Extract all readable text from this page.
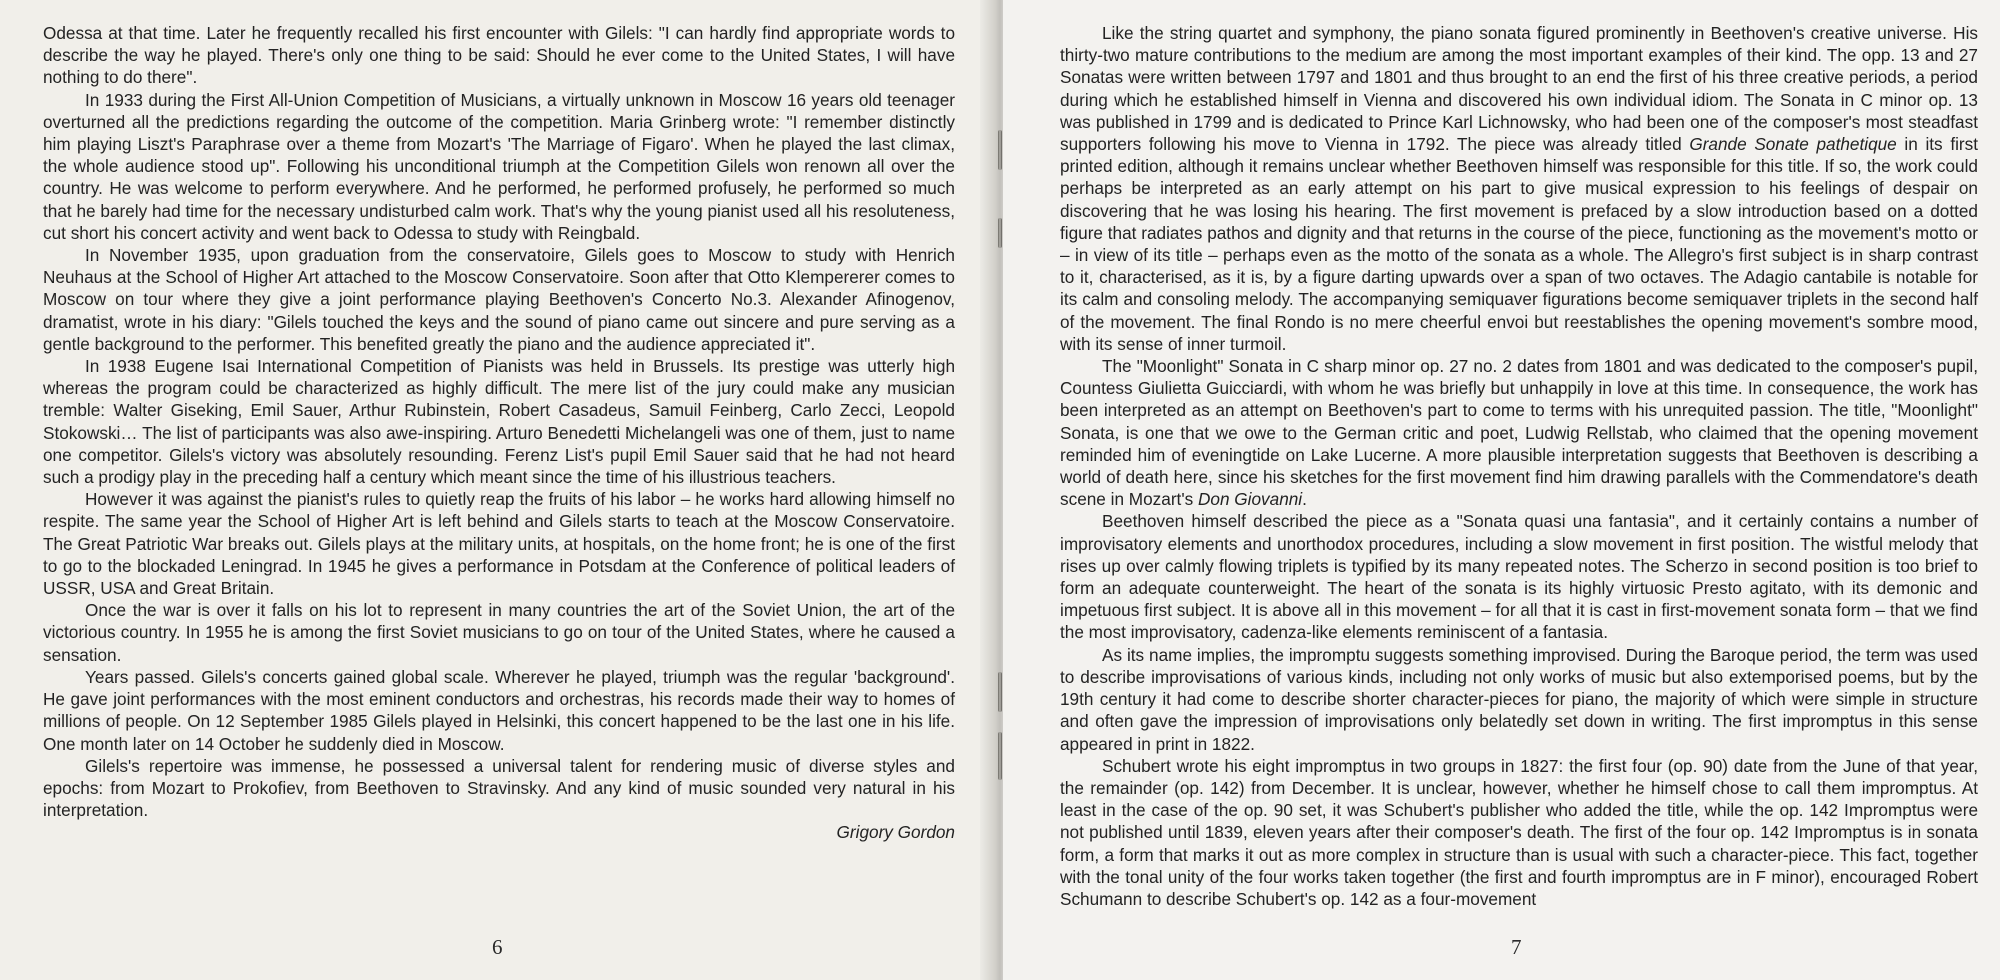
Odessa at that time. Later he frequently recalled his first encounter with Gilels: "I can hardly find appropriate words to describe the way he played. There's only one thing to be said: Should he ever come to the United States, I will have nothing to do there".

In 1933 during the First All-Union Competition of Musicians, a virtually unknown in Moscow 16 years old teenager overturned all the predictions regarding the outcome of the competition. Maria Grinberg wrote: "I remember distinctly him playing Liszt's Paraphrase over a theme from Mozart's 'The Marriage of Figaro'. When he played the last climax, the whole audience stood up". Following his unconditional triumph at the Competition Gilels won renown all over the country. He was welcome to perform everywhere. And he performed, he performed profusely, he performed so much that he barely had time for the necessary undisturbed calm work. That's why the young pianist used all his resoluteness, cut short his concert activity and went back to Odessa to study with Reingbald.

In November 1935, upon graduation from the conservatoire, Gilels goes to Moscow to study with Henrich Neuhaus at the School of Higher Art attached to the Moscow Conservatoire. Soon after that Otto Klempererer comes to Moscow on tour where they give a joint performance playing Beethoven's Concerto No.3. Alexander Afinogenov, dramatist, wrote in his diary: "Gilels touched the keys and the sound of piano came out sincere and pure serving as a gentle background to the performer. This benefited greatly the piano and the audience appreciated it".

In 1938 Eugene Isai International Competition of Pianists was held in Brussels. Its prestige was utterly high whereas the program could be characterized as highly difficult. The mere list of the jury could make any musician tremble: Walter Giseking, Emil Sauer, Arthur Rubinstein, Robert Casadeus, Samuil Feinberg, Carlo Zecci, Leopold Stokowski… The list of participants was also awe-inspiring. Arturo Benedetti Michelangeli was one of them, just to name one competitor. Gilels's victory was absolutely resounding. Ferenz List's pupil Emil Sauer said that he had not heard such a prodigy play in the preceding half a century which meant since the time of his illustrious teachers.

However it was against the pianist's rules to quietly reap the fruits of his labor – he works hard allowing himself no respite. The same year the School of Higher Art is left behind and Gilels starts to teach at the Moscow Conservatoire. The Great Patriotic War breaks out. Gilels plays at the military units, at hospitals, on the home front; he is one of the first to go to the blockaded Leningrad. In 1945 he gives a performance in Potsdam at the Conference of political leaders of USSR, USA and Great Britain.

Once the war is over it falls on his lot to represent in many countries the art of the Soviet Union, the art of the victorious country. In 1955 he is among the first Soviet musicians to go on tour of the United States, where he caused a sensation.

Years passed. Gilels's concerts gained global scale. Wherever he played, triumph was the regular 'background'. He gave joint performances with the most eminent conductors and orchestras, his records made their way to homes of millions of people. On 12 September 1985 Gilels played in Helsinki, this concert happened to be the last one in his life. One month later on 14 October he suddenly died in Moscow.

Gilels's repertoire was immense, he possessed a universal talent for rendering music of diverse styles and epochs: from Mozart to Prokofiev, from Beethoven to Stravinsky. And any kind of music sounded very natural in his interpretation.

Grigory Gordon

6

Like the string quartet and symphony, the piano sonata figured prominently in Beethoven's creative universe. His thirty-two mature contributions to the medium are among the most important examples of their kind. The opp. 13 and 27 Sonatas were written between 1797 and 1801 and thus brought to an end the first of his three creative periods, a period during which he established himself in Vienna and discovered his own individual idiom. The Sonata in C minor op. 13 was published in 1799 and is dedicated to Prince Karl Lichnowsky, who had been one of the composer's most steadfast supporters following his move to Vienna in 1792. The piece was already titled Grande Sonate pathetique in its first printed edition, although it remains unclear whether Beethoven himself was responsible for this title. If so, the work could perhaps be interpreted as an early attempt on his part to give musical expression to his feelings of despair on discovering that he was losing his hearing. The first movement is prefaced by a slow introduction based on a dotted figure that radiates pathos and dignity and that returns in the course of the piece, functioning as the movement's motto or – in view of its title – perhaps even as the motto of the sonata as a whole. The Allegro's first subject is in sharp contrast to it, characterised, as it is, by a figure darting upwards over a span of two octaves. The Adagio cantabile is notable for its calm and consoling melody. The accompanying semiquaver figurations become semiquaver triplets in the second half of the movement. The final Rondo is no mere cheerful envoi but reestablishes the opening movement's sombre mood, with its sense of inner turmoil.

The "Moonlight" Sonata in C sharp minor op. 27 no. 2 dates from 1801 and was dedicated to the composer's pupil, Countess Giulietta Guicciardi, with whom he was briefly but unhappily in love at this time. In consequence, the work has been interpreted as an attempt on Beethoven's part to come to terms with his unrequited passion. The title, "Moonlight" Sonata, is one that we owe to the German critic and poet, Ludwig Rellstab, who claimed that the opening movement reminded him of eveningtide on Lake Lucerne. A more plausible interpretation suggests that Beethoven is describing a world of death here, since his sketches for the first movement find him drawing parallels with the Commendatore's death scene in Mozart's Don Giovanni.

Beethoven himself described the piece as a "Sonata quasi una fantasia", and it certainly contains a number of improvisatory elements and unorthodox procedures, including a slow movement in first position. The wistful melody that rises up over calmly flowing triplets is typified by its many repeated notes. The Scherzo in second position is too brief to form an adequate counterweight. The heart of the sonata is its highly virtuosic Presto agitato, with its demonic and impetuous first subject. It is above all in this movement – for all that it is cast in first-movement sonata form – that we find the most improvisatory, cadenza-like elements reminiscent of a fantasia.

As its name implies, the impromptu suggests something improvised. During the Baroque period, the term was used to describe improvisations of various kinds, including not only works of music but also extemporised poems, but by the 19th century it had come to describe shorter character-pieces for piano, the majority of which were simple in structure and often gave the impression of improvisations only belatedly set down in writing. The first impromptus in this sense appeared in print in 1822.

Schubert wrote his eight impromptus in two groups in 1827: the first four (op. 90) date from the June of that year, the remainder (op. 142) from December. It is unclear, however, whether he himself chose to call them impromptus. At least in the case of the op. 90 set, it was Schubert's publisher who added the title, while the op. 142 Impromptus were not published until 1839, eleven years after their composer's death. The first of the four op. 142 Impromptus is in sonata form, a form that marks it out as more complex in structure than is usual with such a character-piece. This fact, together with the tonal unity of the four works taken together (the first and fourth impromptus are in F minor), encouraged Robert Schumann to describe Schubert's op. 142 as a four-movement

7
